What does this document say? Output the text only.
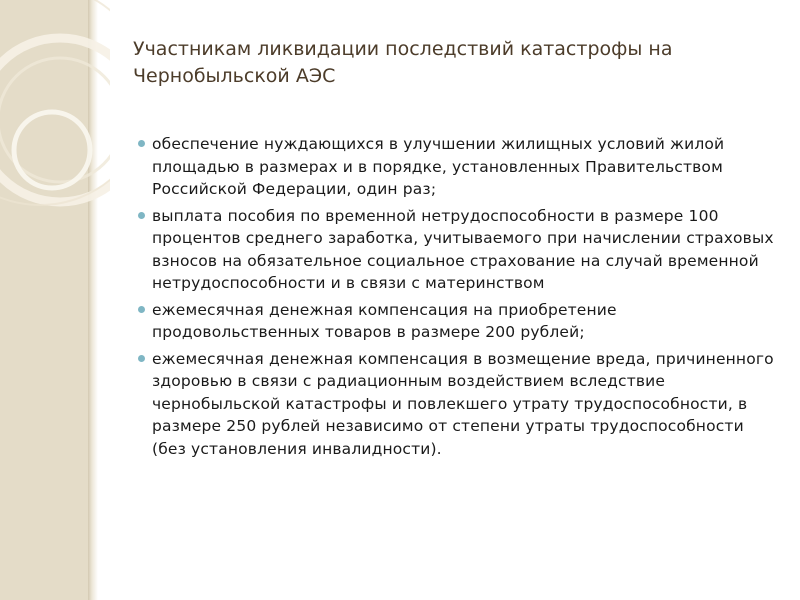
Участникам ликвидации последствий катастрофы на Чернобыльской АЭС
обеспечение нуждающихся в улучшении жилищных условий жилой площадью в размерах и в порядке, установленных Правительством Российской Федерации, один раз;
выплата пособия по временной нетрудоспособности в размере 100 процентов среднего заработка, учитываемого при начислении страховых взносов на обязательное социальное страхование на случай временной нетрудоспособности и в связи с материнством
ежемесячная денежная компенсация на приобретение продовольственных товаров в размере 200 рублей;
ежемесячная денежная компенсация в возмещение вреда, причиненного здоровью в связи с радиационным воздействием вследствие чернобыльской катастрофы и повлекшего утрату трудоспособности, в размере 250 рублей независимо от степени утраты трудоспособности (без установления инвалидности).
